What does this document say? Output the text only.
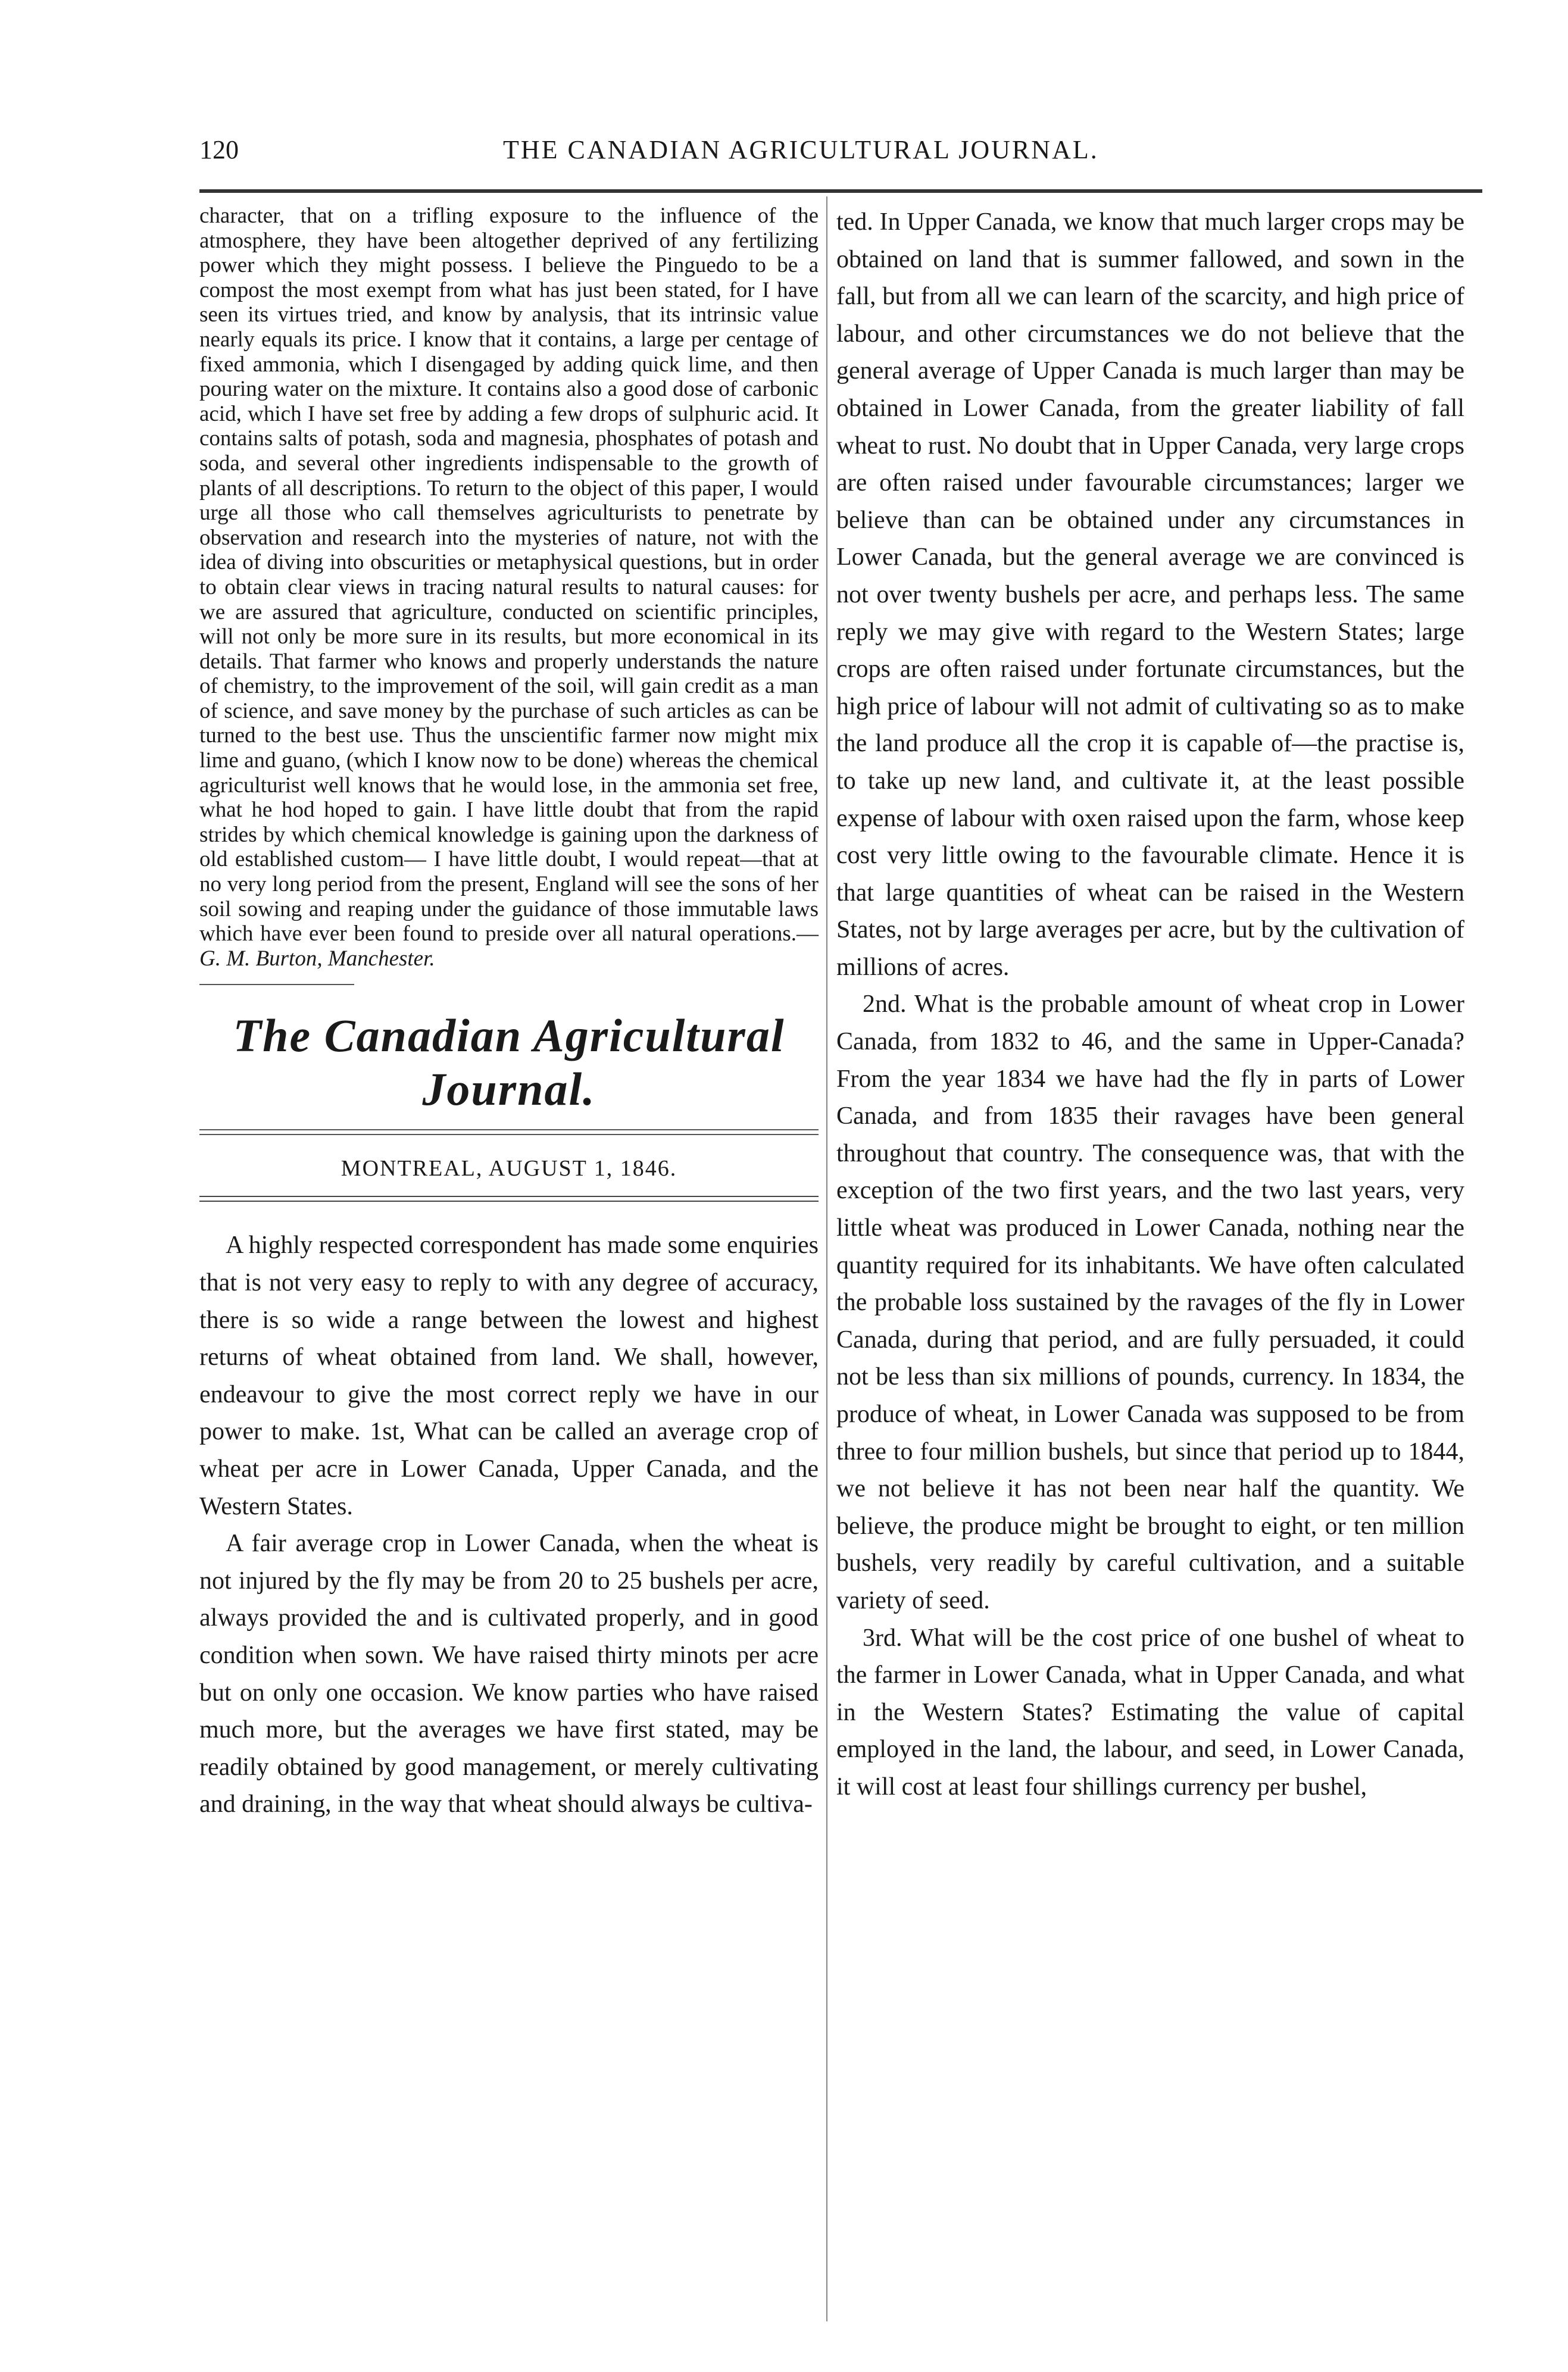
120	THE CANADIAN AGRICULTURAL JOURNAL.

character, that on a trifling exposure to the influence of the atmosphere, they have been altogether deprived of any fertilizing power which they might possess. I believe the Pinguedo to be a compost the most exempt from what has just been stated, for I have seen its virtues tried, and know by analysis, that its intrinsic value nearly equals its price. I know that it contains, a large per centage of fixed ammonia, which I disengaged by adding quick lime, and then pouring water on the mixture. It contains also a good dose of carbonic acid, which I have set free by adding a few drops of sulphuric acid. It contains salts of potash, soda and magnesia, phosphates of potash and soda, and several other ingredients indispensable to the growth of plants of all descriptions. To return to the object of this paper, I would urge all those who call themselves agriculturists to penetrate by observation and research into the mysteries of nature, not with the idea of diving into obscurities or metaphysical questions, but in order to obtain clear views in tracing natural results to natural causes: for we are assured that agriculture, conducted on scientific principles, will not only be more sure in its results, but more economical in its details. That farmer who knows and properly understands the nature of chemistry, to the improvement of the soil, will gain credit as a man of science, and save money by the purchase of such articles as can be turned to the best use. Thus the unscientific farmer now might mix lime and guano, (which I know now to be done) whereas the chemical agriculturist well knows that he would lose, in the ammonia set free, what he hod hoped to gain. I have little doubt that from the rapid strides by which chemical knowledge is gaining upon the darkness of old established custom— I have little doubt, I would repeat—that at no very long period from the present, England will see the sons of her soil sowing and reaping under the guidance of those immutable laws which have ever been found to preside over all natural operations.—G. M. Burton, Manchester.

The Canadian Agricultural Journal.
MONTREAL, AUGUST 1, 1846.

A highly respected correspondent has made some enquiries that is not very easy to reply to with any degree of accuracy, there is so wide a range between the lowest and highest returns of wheat obtained from land. We shall, however, endeavour to give the most correct reply we have in our power to make. 1st, What can be called an average crop of wheat per acre in Lower Canada, Upper Canada, and the Western States.

A fair average crop in Lower Canada, when the wheat is not injured by the fly may be from 20 to 25 bushels per acre, always provided the and is cultivated properly, and in good condition when sown. We have raised thirty minots per acre but on only one occasion. We know parties who have raised much more, but the averages we have first stated, may be readily obtained by good management, or merely cultivating and draining, in the way that wheat should always be cultiva-

ted. In Upper Canada, we know that much larger crops may be obtained on land that is summer fallowed, and sown in the fall, but from all we can learn of the scarcity, and high price of labour, and other circumstances we do not believe that the general average of Upper Canada is much larger than may be obtained in Lower Canada, from the greater liability of fall wheat to rust. No doubt that in Upper Canada, very large crops are often raised under favourable circumstances; larger we believe than can be obtained under any circumstances in Lower Canada, but the general average we are convinced is not over twenty bushels per acre, and perhaps less. The same reply we may give with regard to the Western States; large crops are often raised under fortunate circumstances, but the high price of labour will not admit of cultivating so as to make the land produce all the crop it is capable of—the practise is, to take up new land, and cultivate it, at the least possible expense of labour with oxen raised upon the farm, whose keep cost very little owing to the favourable climate. Hence it is that large quantities of wheat can be raised in the Western States, not by large averages per acre, but by the cultivation of millions of acres.

2nd. What is the probable amount of wheat crop in Lower Canada, from 1832 to 46, and the same in Upper-Canada? From the year 1834 we have had the fly in parts of Lower Canada, and from 1835 their ravages have been general throughout that country. The consequence was, that with the exception of the two first years, and the two last years, very little wheat was produced in Lower Canada, nothing near the quantity required for its inhabitants. We have often calculated the probable loss sustained by the ravages of the fly in Lower Canada, during that period, and are fully persuaded, it could not be less than six millions of pounds, currency. In 1834, the produce of wheat, in Lower Canada was supposed to be from three to four million bushels, but since that period up to 1844, we not believe it has not been near half the quantity. We believe, the produce might be brought to eight, or ten million bushels, very readily by careful cultivation, and a suitable variety of seed.

3rd. What will be the cost price of one bushel of wheat to the farmer in Lower Canada, what in Upper Canada, and what in the Western States? Estimating the value of capital employed in the land, the labour, and seed, in Lower Canada, it will cost at least four shillings currency per bushel,
